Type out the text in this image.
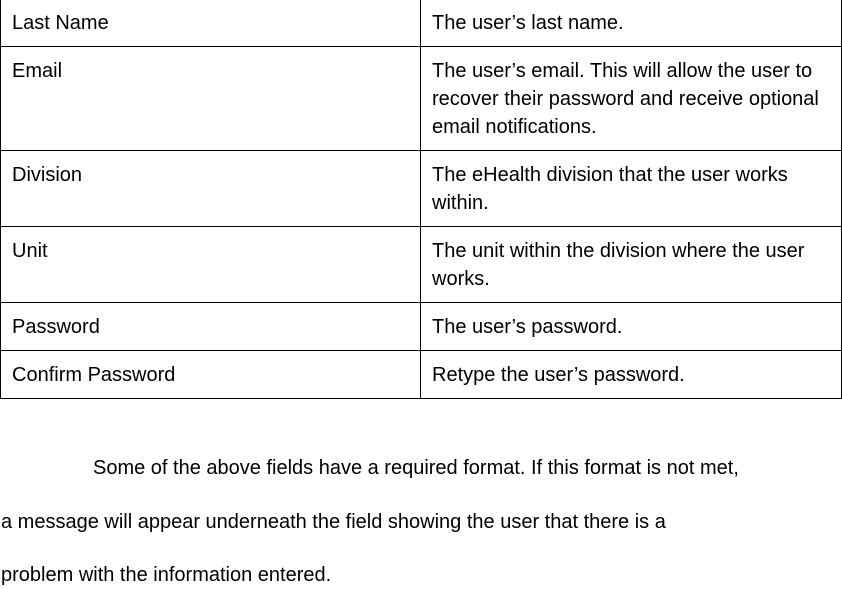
Last Name	The user’s last name.
Email	The user’s email. This will allow the user to recover their password and receive optional email notifications.
Division	The eHealth division that the user works within.
Unit	The unit within the division where the user works.
Password	The user’s password.
Confirm Password	Retype the user’s password.
Some of the above fields have a required format. If this format is not met,
a message will appear underneath the field showing the user that there is a
problem with the information entered.
